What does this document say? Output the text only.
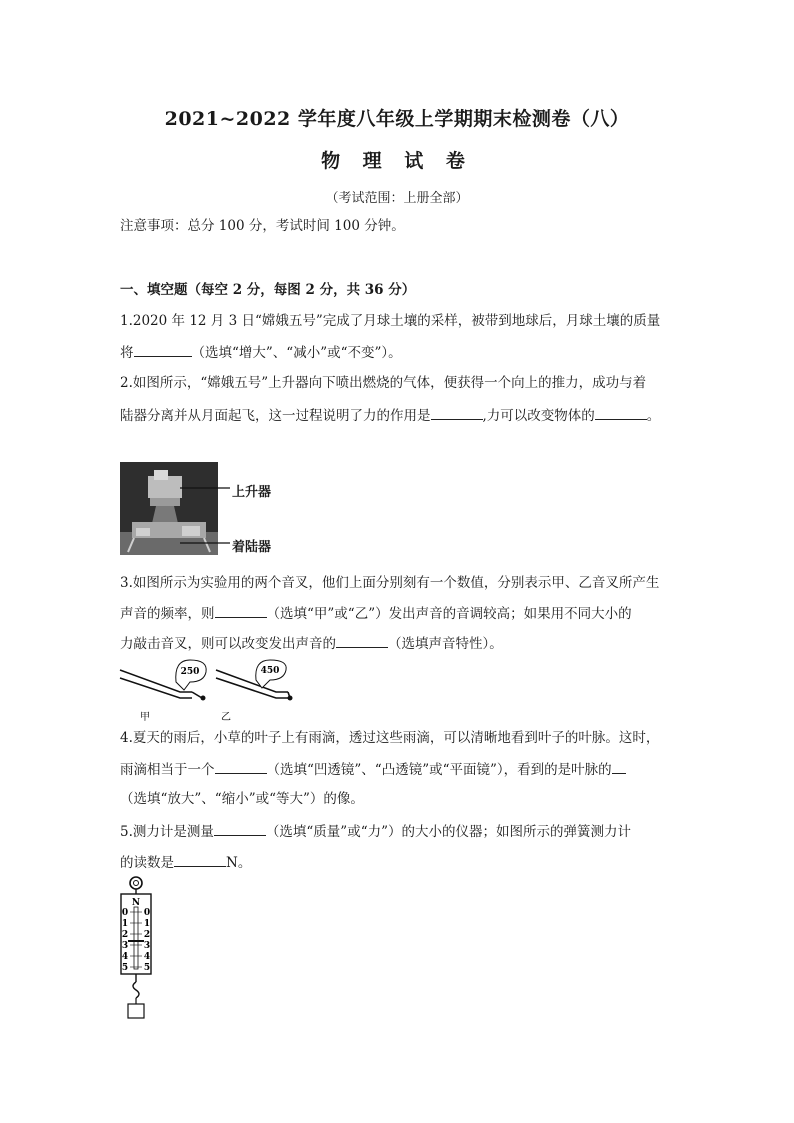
2021~2022 学年度八年级上学期期末检测卷（八）
物 理 试 卷
（考试范围：上册全部）
注意事项：总分 100 分，考试时间 100 分钟。
一、填空题（每空 2 分，每图 2 分，共 36 分）
1.2020 年 12 月 3 日“嫦娥五号”完成了月球土壤的采样，被带到地球后，月球土壤的质量
将	（选填“增大”、“减小”或“不变”）。
2.如图所示，“嫦娥五号”上升器向下喷出燃烧的气体，便获得一个向上的推力，成功与着
陆器分离并从月面起飞，这一过程说明了力的作用是	,力可以改变物体的	。
上升器
着陆器
3.如图所示为实验用的两个音叉，他们上面分别刻有一个数值，分别表示甲、乙音叉所产生
声音的频率，则	（选填“甲”或“乙”）发出声音的音调较高；如果用不同大小的
力敲击音叉，则可以改变发出声音的	（选填声音特性）。
250	450
甲	乙
4.夏天的雨后，小草的叶子上有雨滴，透过这些雨滴，可以清晰地看到叶子的叶脉。这时，
雨滴相当于一个	（选填“凹透镜”、“凸透镜”或“平面镜”），看到的是叶脉的
（选填“放大”、“缩小”或“等大”）的像。
5.测力计是测量	（选填“质量”或“力”）的大小的仪器；如图所示的弹簧测力计
的读数是	N。
N
0 0
1 1
2 2
3 3
4 4
5 5
